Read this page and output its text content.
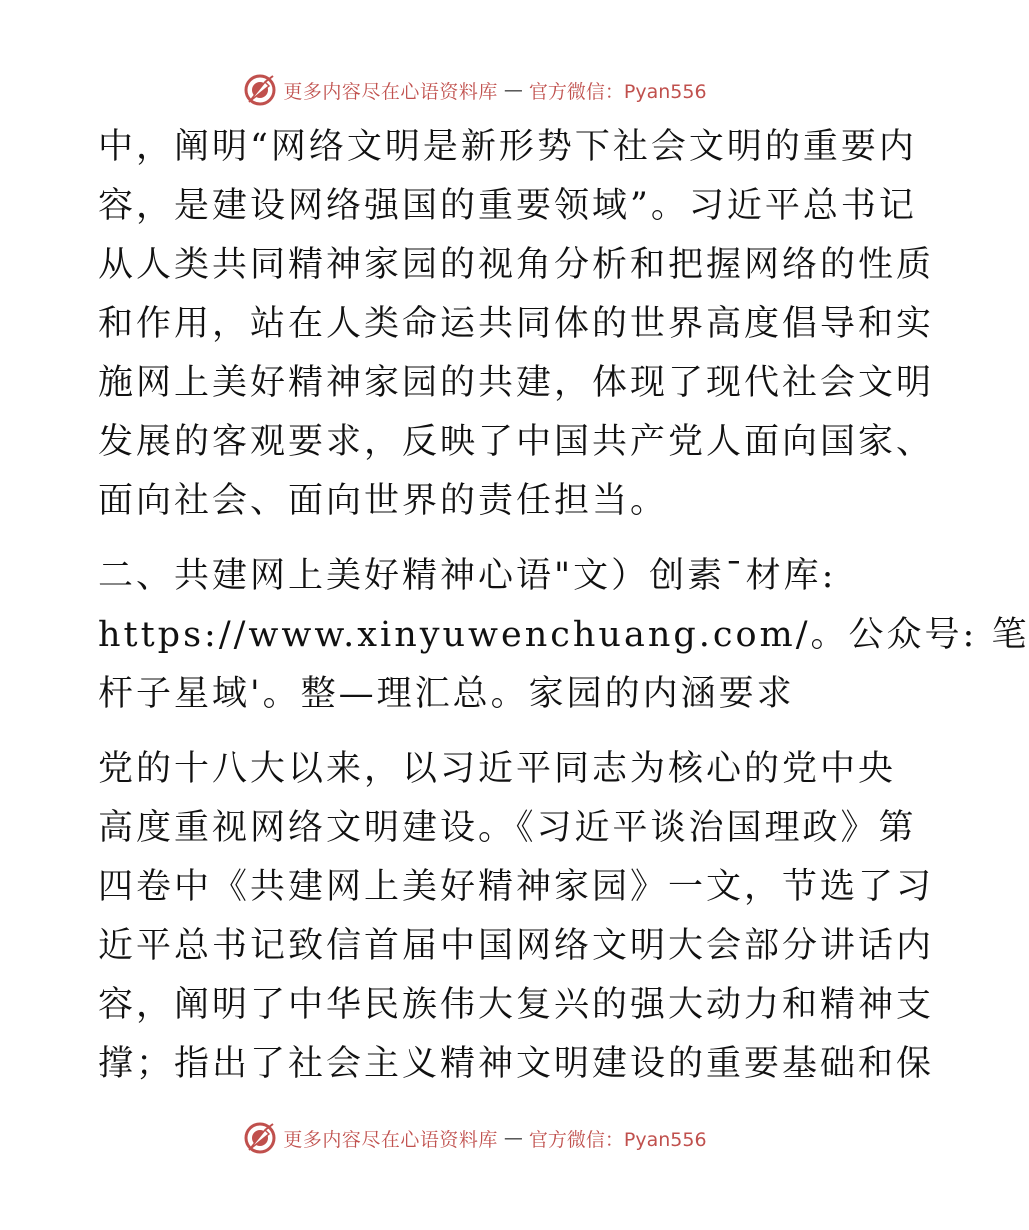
更多内容尽在心语资料库 — 官方微信：Pyan556

中，阐明“网络文明是新形势下社会文明的重要内
容，是建设网络强国的重要领域”。习近平总书记
从人类共同精神家园的视角分析和把握网络的性质
和作用，站在人类命运共同体的世界高度倡导和实
施网上美好精神家园的共建，体现了现代社会文明
发展的客观要求，反映了中国共产党人面向国家、
面向社会、面向世界的责任担当。

二、共建网上美好精神心语"文）创素¯材库:
https://www.xinyuwenchuang.com/。公众号: 笔
杆子星域'。整—理汇总。家园的内涵要求

党的十八大以来，以习近平同志为核心的党中央
高度重视网络文明建设。《习近平谈治国理政》第
四卷中《共建网上美好精神家园》一文，节选了习
近平总书记致信首届中国网络文明大会部分讲话内
容，阐明了中华民族伟大复兴的强大动力和精神支
撑；指出了社会主义精神文明建设的重要基础和保

更多内容尽在心语资料库 — 官方微信：Pyan556
